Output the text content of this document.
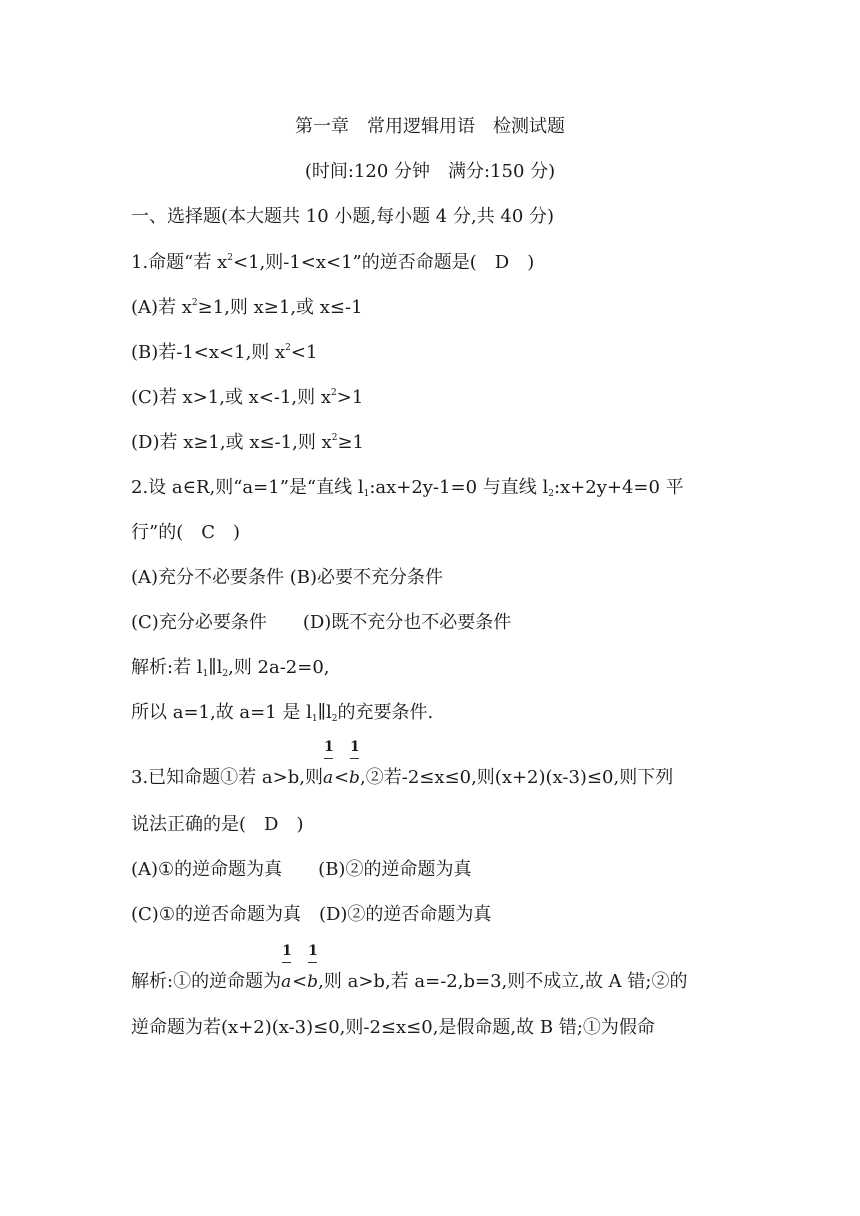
第一章　常用逻辑用语　检测试题
(时间:120 分钟　满分:150 分)
一、选择题(本大题共 10 小题,每小题 4 分,共 40 分)
1.命题“若 $x^2<1$,则-1<x<1”的逆否命题是(　D　)
(A)若 $x^2\ge 1$,则 x≥1,或 x≤-1
(B)若-1<x<1,则 $x^2<1$
(C)若 x>1,或 x<-1,则 $x^2>1$
(D)若 x≥1,或 x≤-1,则 $x^2\ge 1$
2.设 a∈R,则“a=1”是“直线 $l_1:ax+2y-1=0$ 与直线 $l_2:x+2y+4=0$ 平
行”的(　C　)
(A)充分不必要条件 (B)必要不充分条件
(C)充分必要条件　　(D)既不充分也不必要条件
解析:若 $l_1\parallel l_2$,则 2a-2=0,
所以 a=1,故 a=1 是 $l_1\parallel l_2$的充要条件.
3.已知命题①若 a>b,则 $\frac{1}{a} < \frac{1}{b}$ ,②若-2≤x≤0,则(x+2)(x-3)≤0,则下列
说法正确的是(　D　)
(A)①的逆命题为真　　(B)②的逆命题为真
(C)①的逆否命题为真　(D)②的逆否命题为真
解析:①的逆命题为 $\frac{1}{a} < \frac{1}{b}$ ,则 a>b,若 a=-2,b=3,则不成立,故 A 错;②的
逆命题为若(x+2)(x-3)≤0,则-2≤x≤0,是假命题,故 B 错;①为假命
